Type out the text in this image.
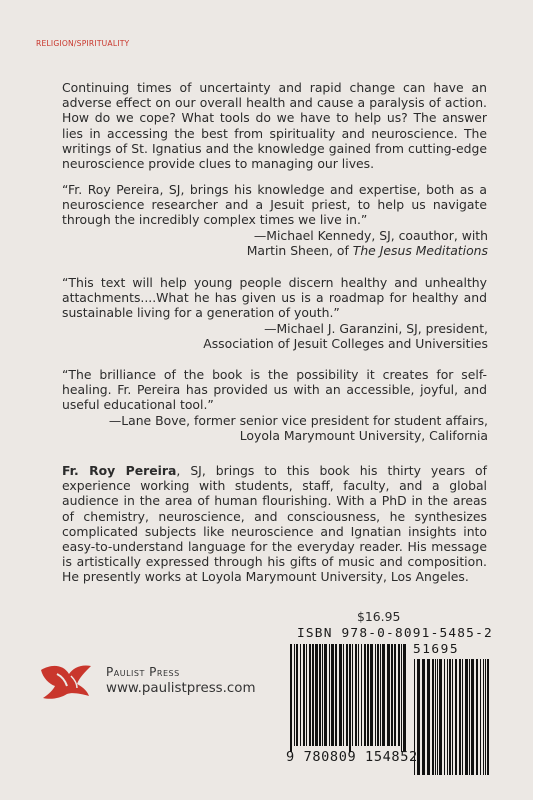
RELIGION/SPIRITUALITY

Continuing times of uncertainty and rapid change can have an adverse effect on our overall health and cause a paralysis of action. How do we cope? What tools do we have to help us? The answer lies in accessing the best from spirituality and neuroscience. The writings of St. Ignatius and the knowledge gained from cutting-edge neuroscience provide clues to managing our lives.

“Fr. Roy Pereira, SJ, brings his knowledge and expertise, both as a neuroscience researcher and a Jesuit priest, to help us navigate through the incredibly complex times we live in.”

—Michael Kennedy, SJ, coauthor, with
Martin Sheen, of The Jesus Meditations

“This text will help young people discern healthy and unhealthy attachments....What he has given us is a roadmap for healthy and sustainable living for a generation of youth.”

—Michael J. Garanzini, SJ, president,
Association of Jesuit Colleges and Universities

“The brilliance of the book is the possibility it creates for self-healing. Fr. Pereira has provided us with an accessible, joyful, and useful educational tool.”

—Lane Bove, former senior vice president for student affairs,
Loyola Marymount University, California

Fr. Roy Pereira, SJ, brings to this book his thirty years of experience working with students, staff, faculty, and a global audience in the area of human flourishing. With a PhD in the areas of chemistry, neuroscience, and consciousness, he synthesizes complicated subjects like neuroscience and Ignatian insights into easy-to-understand language for the everyday reader. His message is artistically expressed through his gifts of music and composition. He presently works at Loyola Marymount University, Los Angeles.

$16.95
ISBN 978-0-8091-5485-2
51695
9 780809 154852
Paulist Press
www.paulistpress.com
